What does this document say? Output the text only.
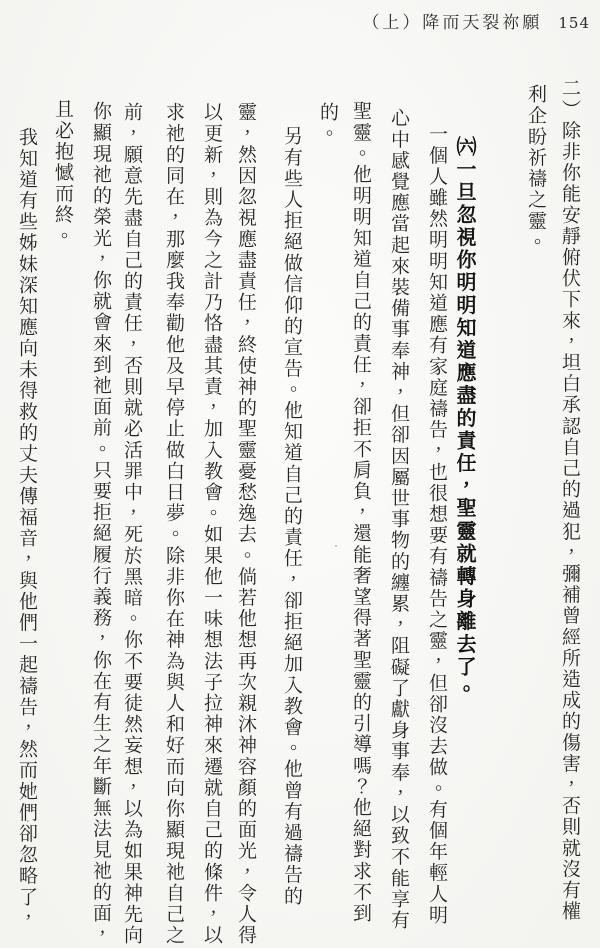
（上）降而天裂祢願 154
二）除非你能安靜俯伏下來，坦白承認自己的過犯，彌補曾經所造成的傷害，否則就沒有權
利企盼祈禱之靈。
㈥一旦忽視你明明知道應盡的責任，聖靈就轉身離去了。
一個人雖然明明知道應有家庭禱告，也很想要有禱告之靈，但卻沒去做。有個年輕人明
心中感覺應當起來裝備事奉神，但卻因屬世事物的纏累，阻礙了獻身事奉，以致不能享有
聖靈。他明明知道自己的責任，卻拒不肩負，還能奢望得著聖靈的引導嗎？他絕對求不到
的。
另有些人拒絕做信仰的宣告。他知道自己的責任，卻拒絕加入教會。他曾有過禱告的
靈，然因忽視應盡責任，終使神的聖靈憂愁逸去。倘若他想再次親沐神容顏的面光，令人得
以更新，則為今之計乃恪盡其責，加入教會。如果他一味想法子拉神來遷就自己的條件，以
求祂的同在，那麼我奉勸他及早停止做白日夢。除非你在神為與人和好而向你顯現祂自己之
前，願意先盡自己的責任，否則就必活罪中，死於黑暗。你不要徒然妄想，以為如果神先向
你顯現祂的榮光，你就會來到祂面前。只要拒絕履行義務，你在有生之年斷無法見祂的面，
且必抱憾而終。
我知道有些姊妹深知應向未得救的丈夫傳福音，與他們一起禱告，然而她們卻忽略了，
